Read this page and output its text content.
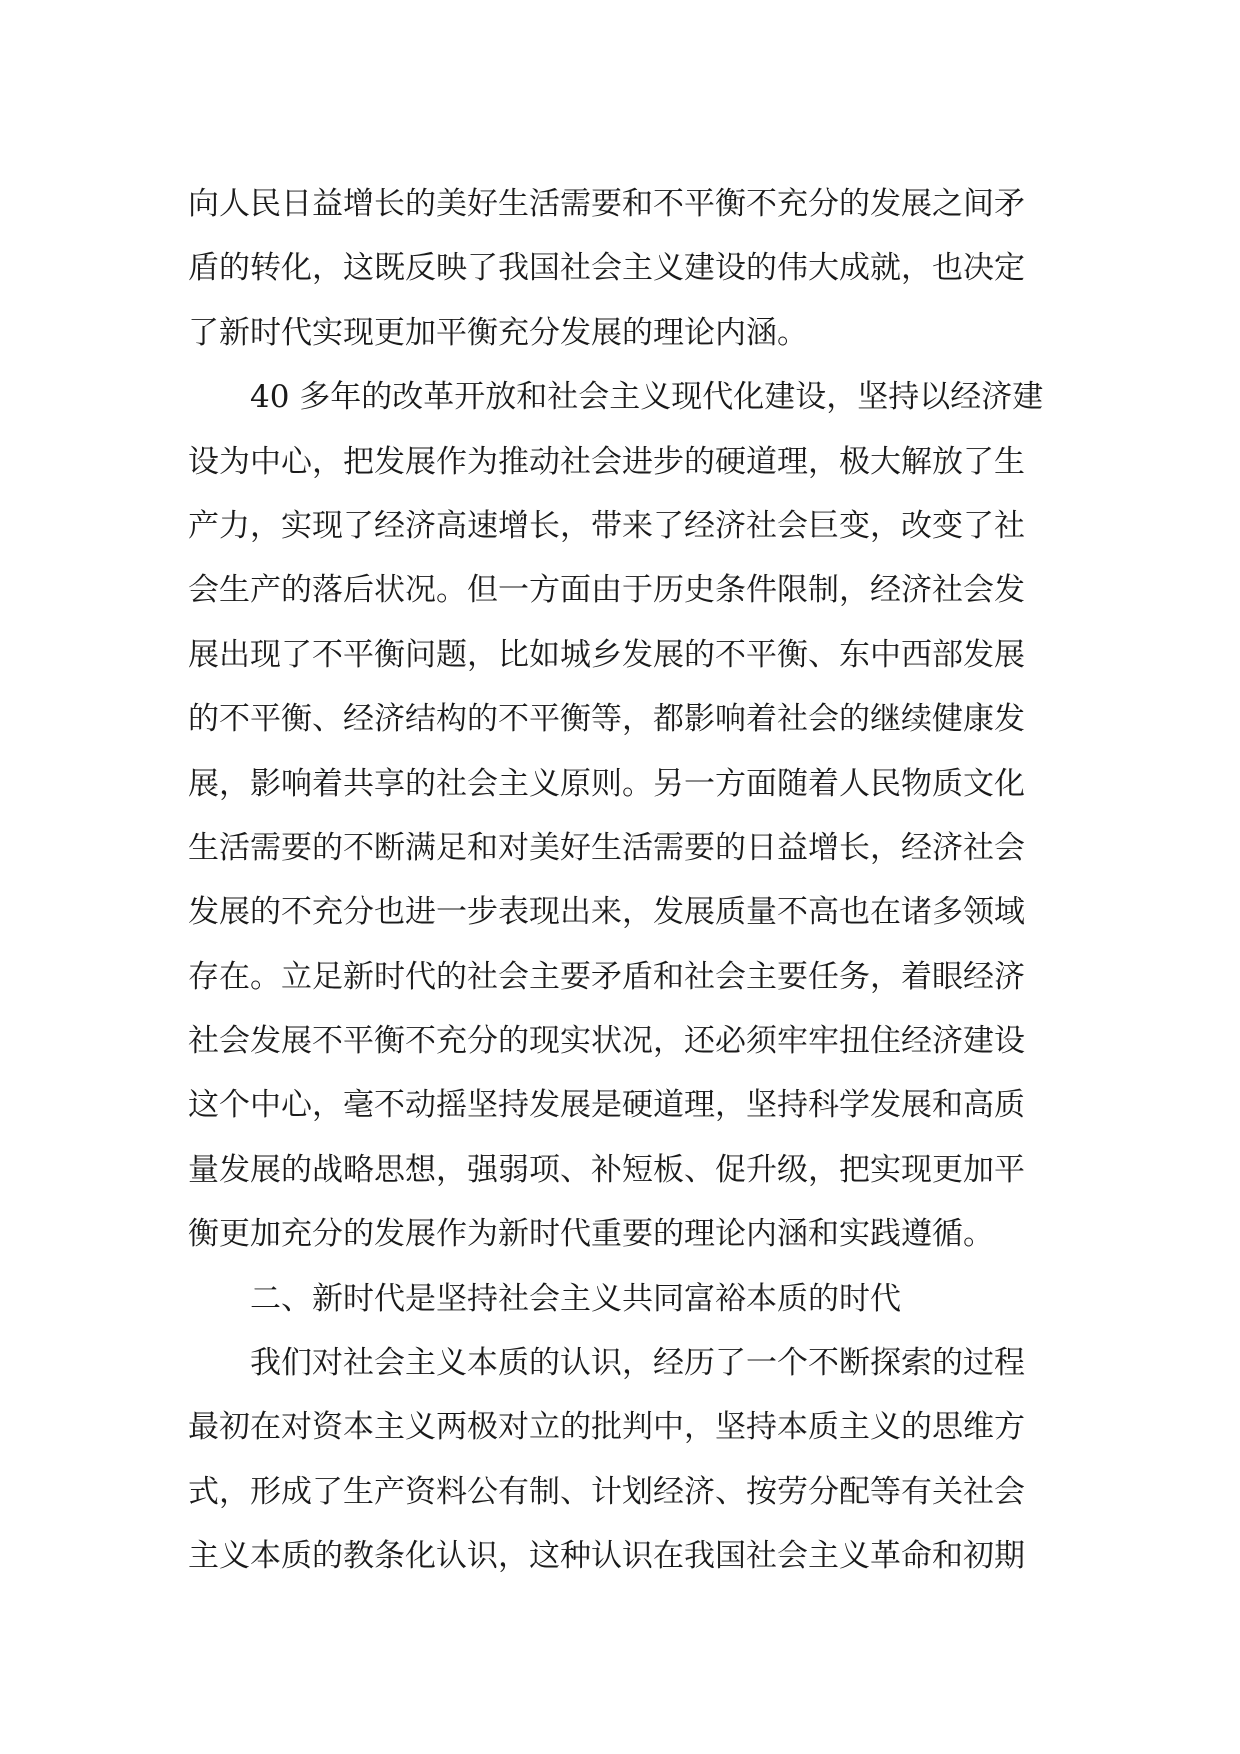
向人民日益增长的美好生活需要和不平衡不充分的发展之间矛
盾的转化，这既反映了我国社会主义建设的伟大成就，也决定
了新时代实现更加平衡充分发展的理论内涵。
40 多年的改革开放和社会主义现代化建设，坚持以经济建
设为中心，把发展作为推动社会进步的硬道理，极大解放了生
产力，实现了经济高速增长，带来了经济社会巨变，改变了社
会生产的落后状况。但一方面由于历史条件限制，经济社会发
展出现了不平衡问题，比如城乡发展的不平衡、东中西部发展
的不平衡、经济结构的不平衡等，都影响着社会的继续健康发
展，影响着共享的社会主义原则。另一方面随着人民物质文化
生活需要的不断满足和对美好生活需要的日益增长，经济社会
发展的不充分也进一步表现出来，发展质量不高也在诸多领域
存在。立足新时代的社会主要矛盾和社会主要任务，着眼经济
社会发展不平衡不充分的现实状况，还必须牢牢扭住经济建设
这个中心，毫不动摇坚持发展是硬道理，坚持科学发展和高质
量发展的战略思想，强弱项、补短板、促升级，把实现更加平
衡更加充分的发展作为新时代重要的理论内涵和实践遵循。
二、新时代是坚持社会主义共同富裕本质的时代
我们对社会主义本质的认识，经历了一个不断探索的过程
最初在对资本主义两极对立的批判中，坚持本质主义的思维方
式，形成了生产资料公有制、计划经济、按劳分配等有关社会
主义本质的教条化认识，这种认识在我国社会主义革命和初期
